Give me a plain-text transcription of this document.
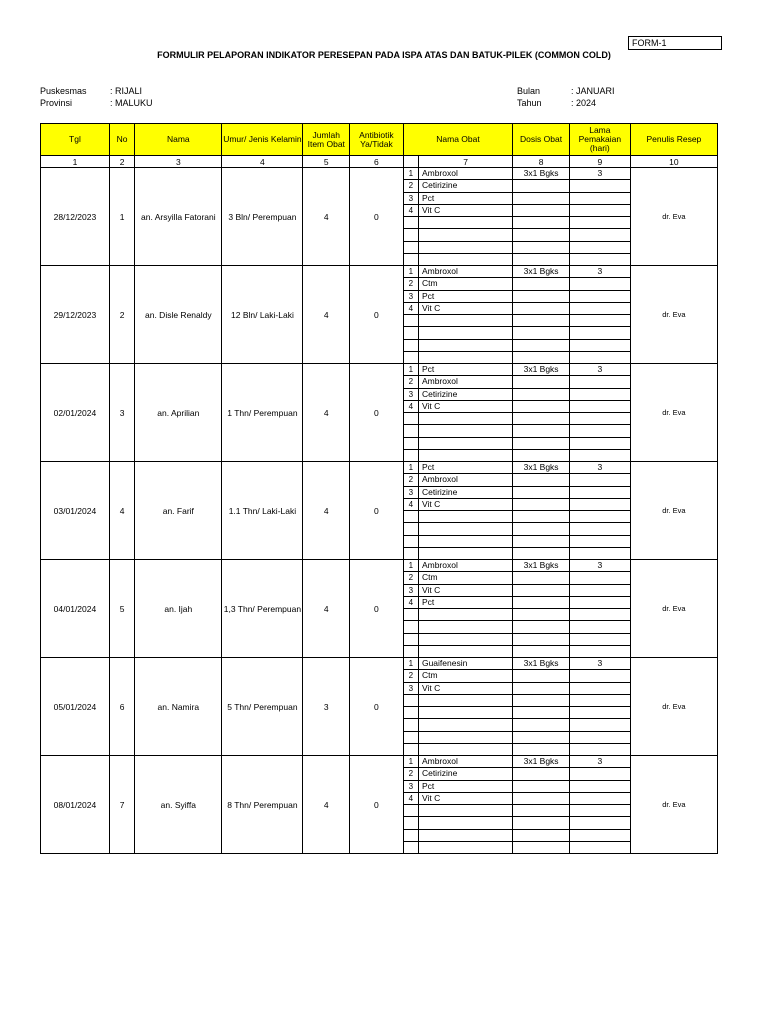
FORM-1
FORMULIR PELAPORAN INDIKATOR PERESEPAN PADA ISPA ATAS DAN BATUK-PILEK (COMMON COLD)
Puskesmas	: RIJALI
Provinsi	: MALUKU
Bulan	: JANUARI
Tahun	: 2024
Tgl	No	Nama	Umur/ Jenis Kelamin	Jumlah Item Obat	Antibiotik Ya/Tidak	Nama Obat		Dosis Obat	Lama Pemakaian (hari)	Penulis Resep
1	2	3	4	5	6		7	8	9	10
28/12/2023	1	an. Arsyilla Fatorani	3 Bln/ Perempuan	4	0	1	Ambroxol	3x1 Bgks	3	dr. Eva
						2	Cetirizine			
						3	Pct			
						4	Vit C			

29/12/2023	2	an. Disle Renaldy	12 Bln/ Laki-Laki	4	0	1	Ambroxol	3x1 Bgks	3	dr. Eva
						2	Ctm			
						3	Pct			
						4	Vit C			

02/01/2024	3	an. Aprilian	1 Thn/ Perempuan	4	0	1	Pct	3x1 Bgks	3	dr. Eva
						2	Ambroxol			
						3	Cetirizine			
						4	Vit C			

03/01/2024	4	an. Farif	1.1 Thn/ Laki-Laki	4	0	1	Pct	3x1 Bgks	3	dr. Eva
						2	Ambroxol			
						3	Cetirizine			
						4	Vit C			

04/01/2024	5	an. Ijah	1,3 Thn/ Perempuan	4	0	1	Ambroxol	3x1 Bgks	3	dr. Eva
						2	Ctm			
						3	Vit C			
						4	Pct			

05/01/2024	6	an. Namira	5 Thn/ Perempuan	3	0	1	Guaifenesin	3x1 Bgks	3	dr. Eva
						2	Ctm			
						3	Vit C			

08/01/2024	7	an. Syiffa	8 Thn/ Perempuan	4	0	1	Ambroxol	3x1 Bgks	3	dr. Eva
						2	Cetirizine			
						3	Pct			
						4	Vit C			
